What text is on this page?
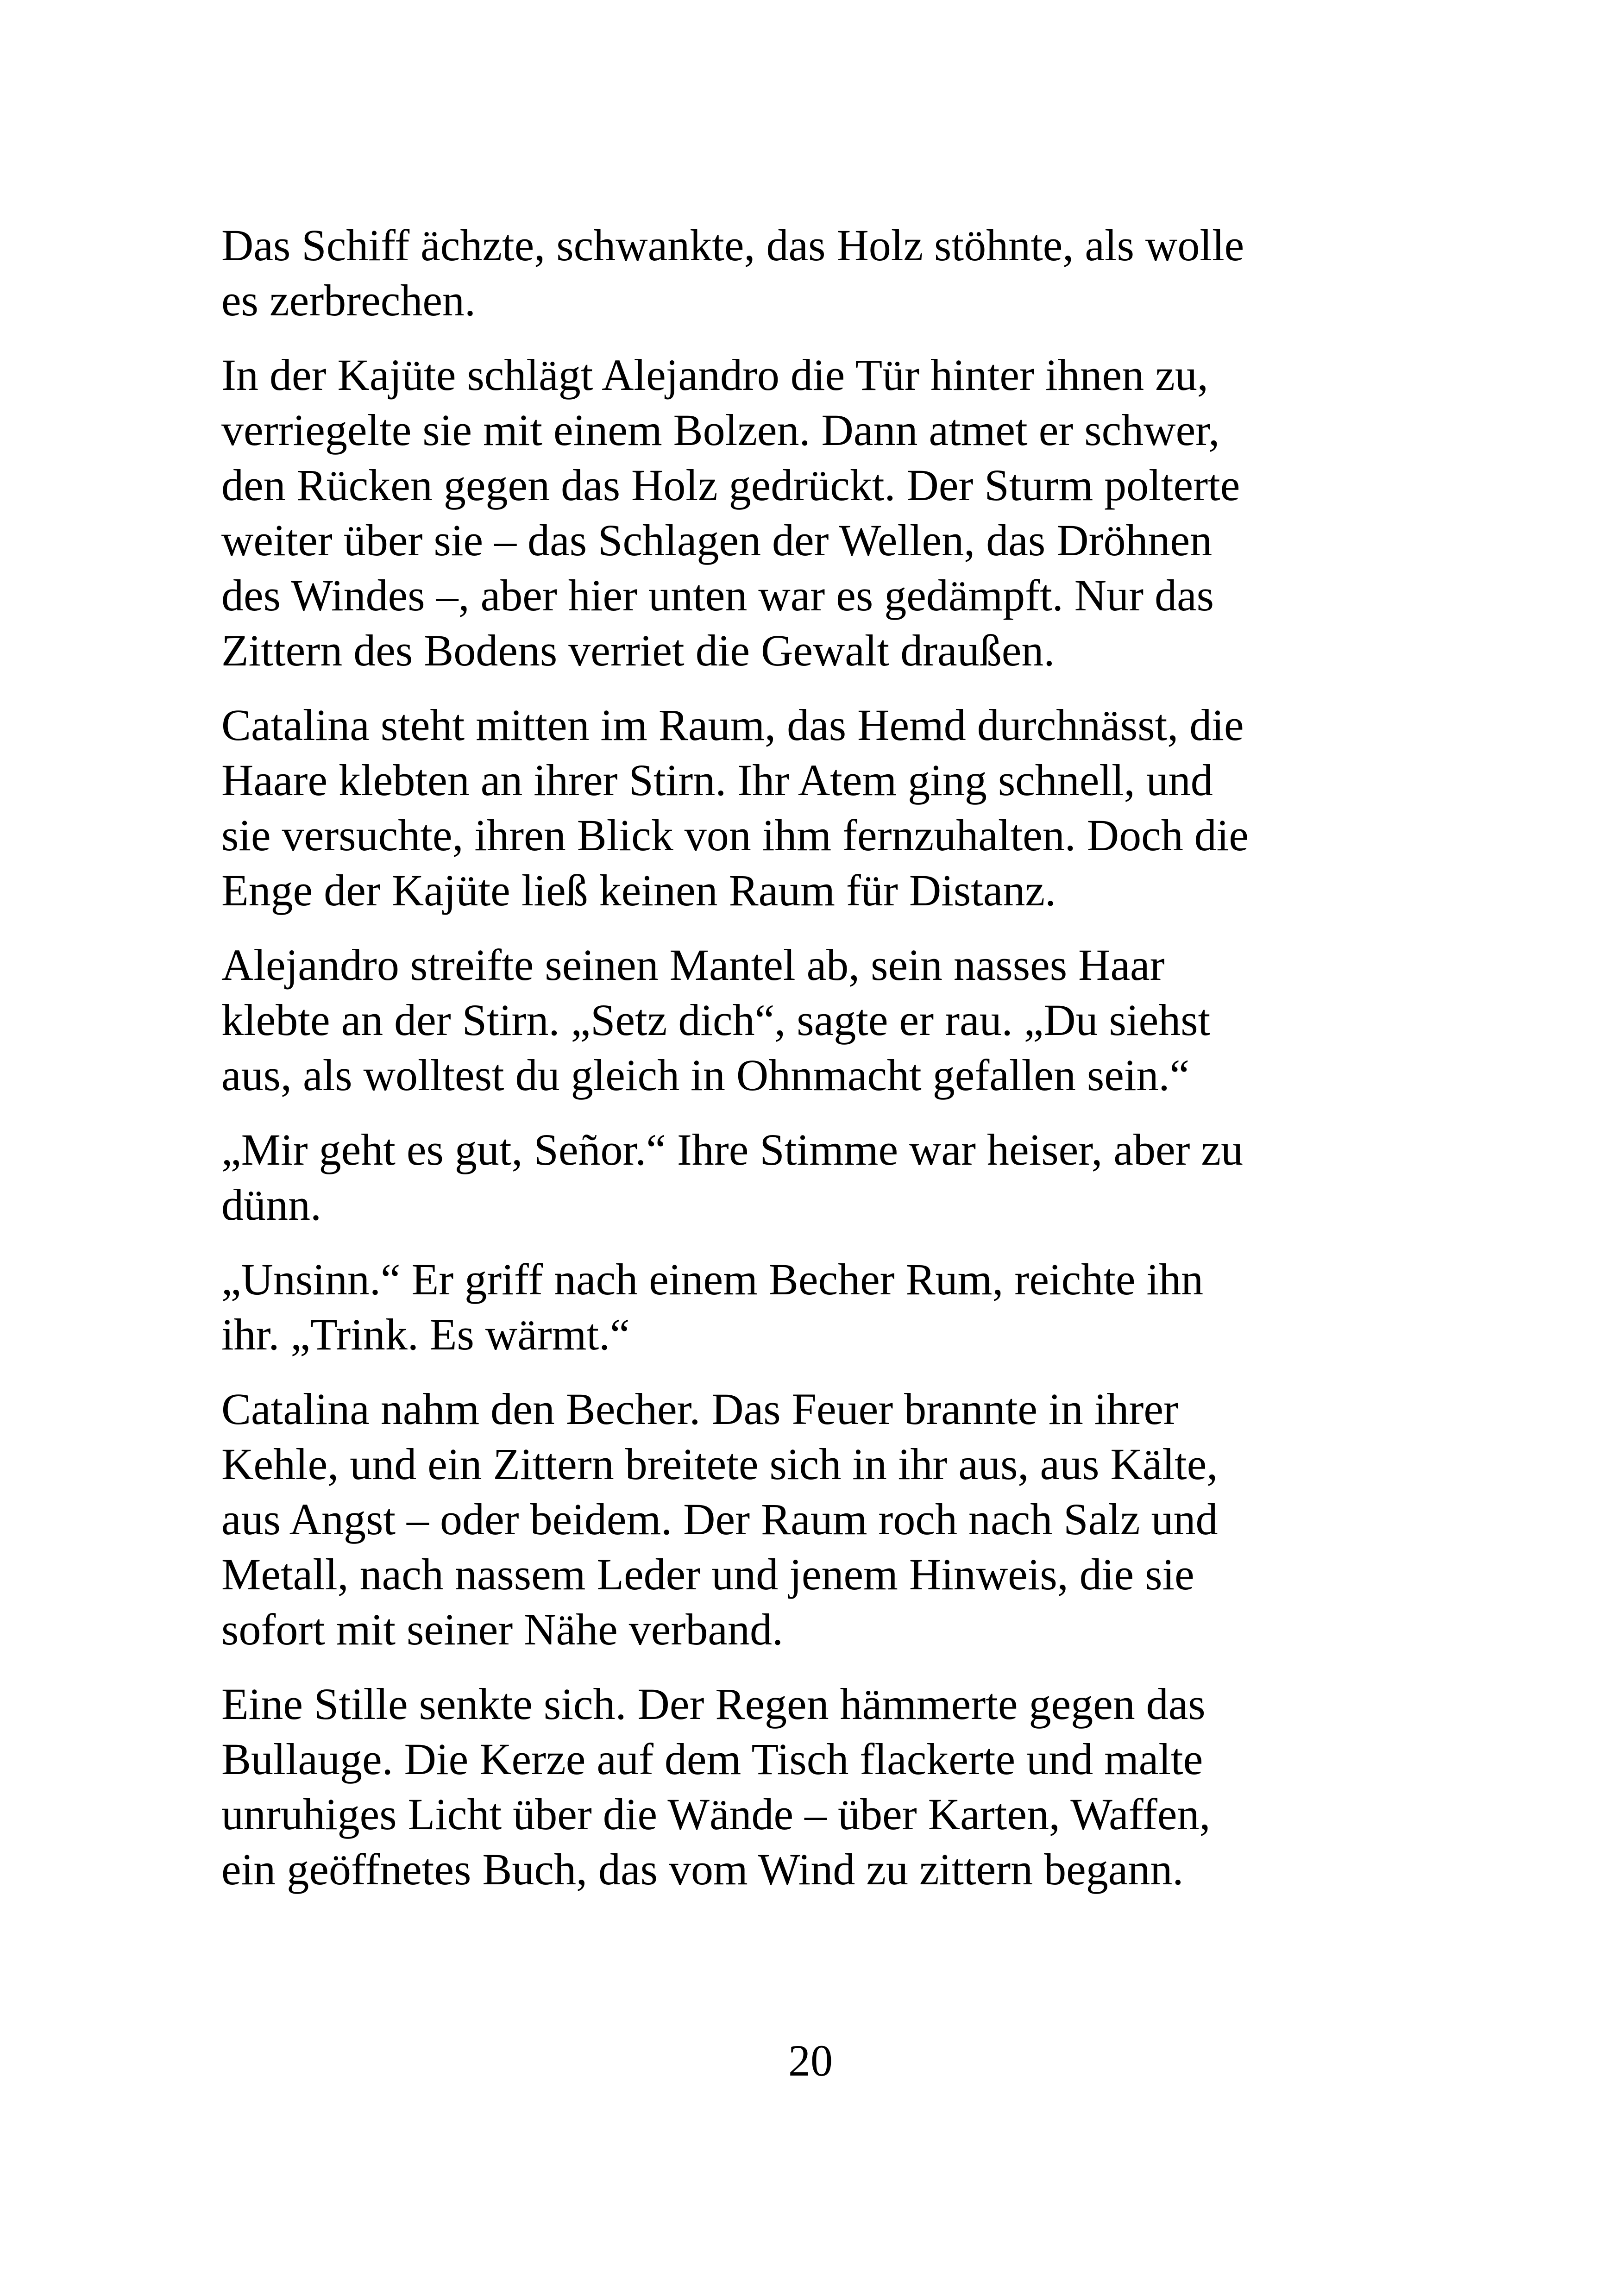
Das Schiff ächzte, schwankte, das Holz stöhnte, als wolle
es zerbrechen.

In der Kajüte schlägt Alejandro die Tür hinter ihnen zu,
verriegelte sie mit einem Bolzen. Dann atmet er schwer,
den Rücken gegen das Holz gedrückt. Der Sturm polterte
weiter über sie – das Schlagen der Wellen, das Dröhnen
des Windes –, aber hier unten war es gedämpft. Nur das
Zittern des Bodens verriet die Gewalt draußen.

Catalina steht mitten im Raum, das Hemd durchnässt, die
Haare klebten an ihrer Stirn. Ihr Atem ging schnell, und
sie versuchte, ihren Blick von ihm fernzuhalten. Doch die
Enge der Kajüte ließ keinen Raum für Distanz.

Alejandro streifte seinen Mantel ab, sein nasses Haar
klebte an der Stirn. „Setz dich“, sagte er rau. „Du siehst
aus, als wolltest du gleich in Ohnmacht gefallen sein.“

„Mir geht es gut, Señor.“ Ihre Stimme war heiser, aber zu
dünn.

„Unsinn.“ Er griff nach einem Becher Rum, reichte ihn
ihr. „Trink. Es wärmt.“

Catalina nahm den Becher. Das Feuer brannte in ihrer
Kehle, und ein Zittern breitete sich in ihr aus, aus Kälte,
aus Angst – oder beidem. Der Raum roch nach Salz und
Metall, nach nassem Leder und jenem Hinweis, die sie
sofort mit seiner Nähe verband.

Eine Stille senkte sich. Der Regen hämmerte gegen das
Bullauge. Die Kerze auf dem Tisch flackerte und malte
unruhiges Licht über die Wände – über Karten, Waffen,
ein geöffnetes Buch, das vom Wind zu zittern begann.

20
